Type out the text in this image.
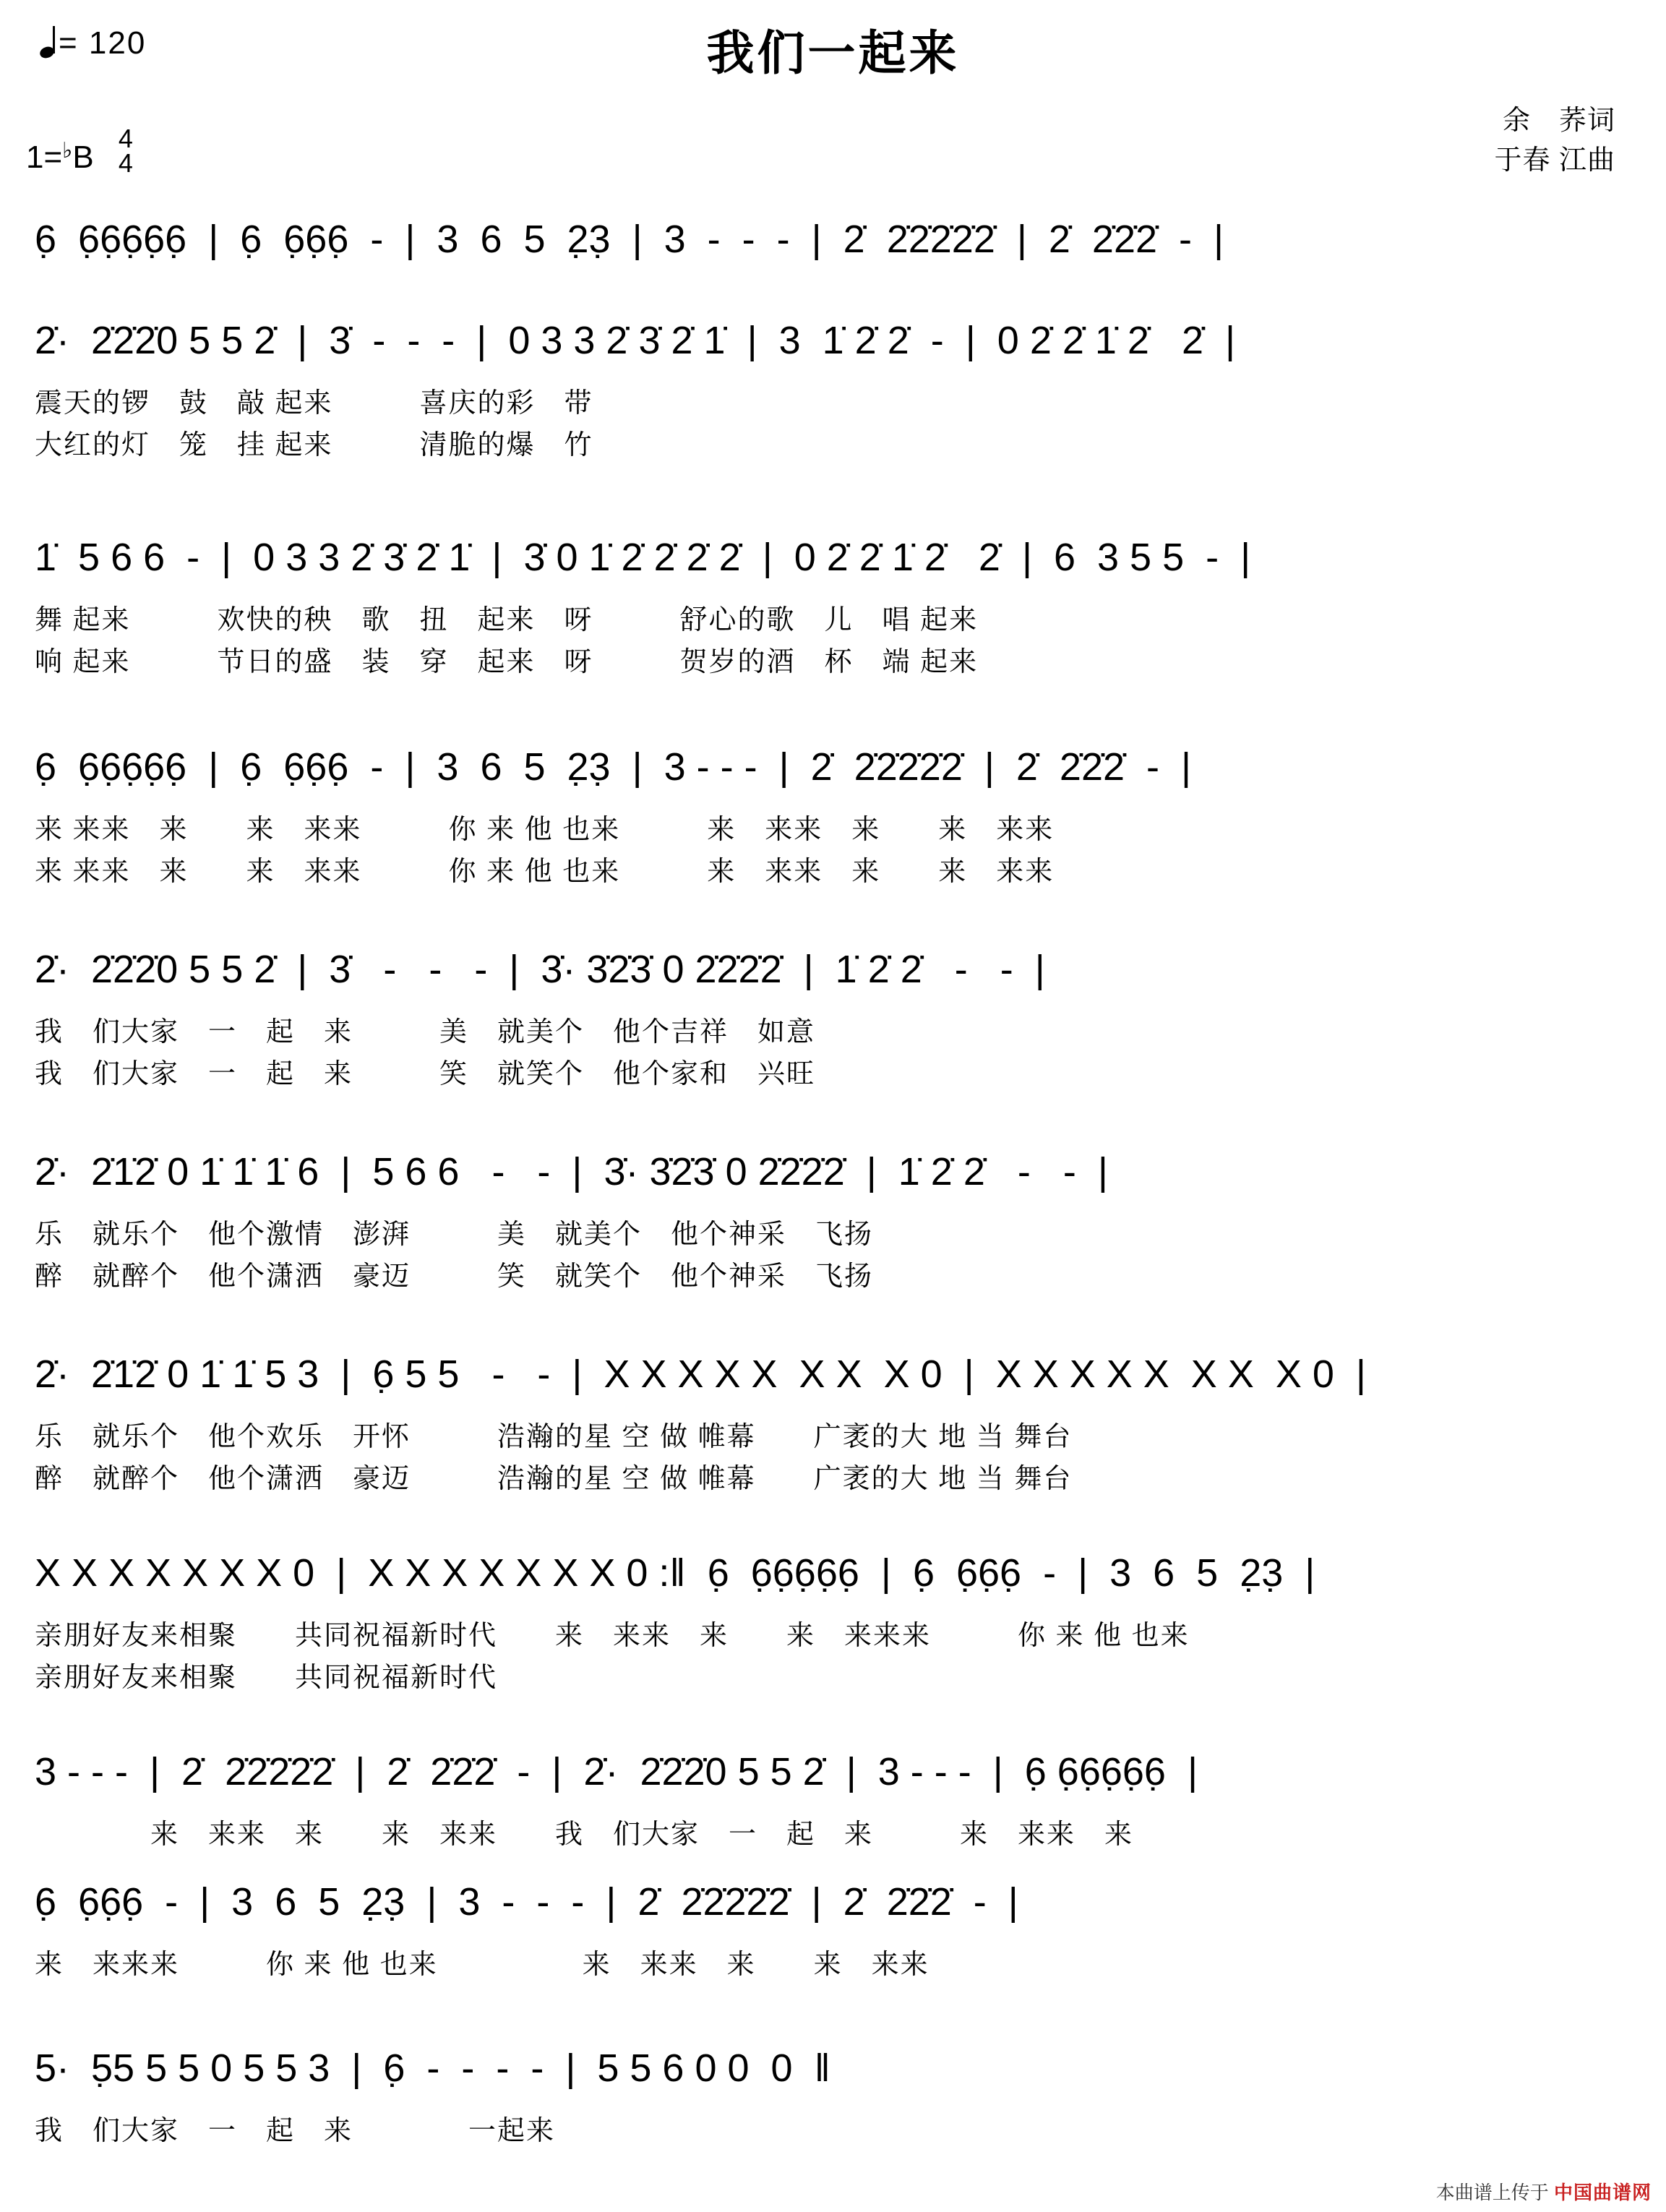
= 120	我们一起来
余　荞词
于春 江曲
1=♭B
4
4
6̣  6̣6̣6̣6̣6̣  |  6̣  6̣6̣6̣  -  |  3  6  5  2̣3̣  |  3  -  -  -  |  2̇  2̇2̇2̇2̇2̇  |  2̇  2̇2̇2̇  -  |
2̇·  2̇2̇2̇0 5 5 2̇  |  3̇  -  -  -  |  0 3 3 2̇ 3̇ 2̇ 1̇  |  3  1̇ 2̇ 2̇  -  |  0 2̇ 2̇ 1̇ 2̇   2̇  |
震天的锣　鼓　敲 起来　　　喜庆的彩　带
大红的灯　笼　挂 起来　　　清脆的爆　竹
1̇  5 6 6  -  |  0 3 3 2̇ 3̇ 2̇ 1̇  |  3̇ 0 1̇ 2̇ 2̇ 2̇ 2̇  |  0 2̇ 2̇ 1̇ 2̇   2̇  |  6  3 5 5  -  |
舞 起来　　　欢快的秧　歌　扭　起来　呀　　　舒心的歌　儿　唱 起来
响 起来　　　节日的盛　装　穿　起来　呀　　　贺岁的酒　杯　端 起来
6̣  6̣6̣6̣6̣6̣  |  6̣  6̣6̣6̣  -  |  3  6  5  2̣3̣  |  3 - - -  |  2̇  2̇2̇2̇2̇2̇  |  2̇  2̇2̇2̇  -  |
来 来来　来　　来　来来　　　你 来 他 也来　　　来　来来　来　　来　来来
来 来来　来　　来　来来　　　你 来 他 也来　　　来　来来　来　　来　来来
2̇·  2̇2̇2̇0 5 5 2̇  |  3̇   -   -   -  |  3̇· 3̇2̇3̇ 0 2̇2̇2̇2̇  |  1̇ 2̇ 2̇   -   -  |
我　们大家　一　起　来　　　美　就美个　他个吉祥　如意
我　们大家　一　起　来　　　笑　就笑个　他个家和　兴旺
2̇·  2̇1̇2̇ 0 1̇ 1̇ 1̇ 6  |  5 6 6   -   -  |  3̇· 3̇2̇3̇ 0 2̇2̇2̇2̇  |  1̇ 2̇ 2̇   -   -  |
乐　就乐个　他个激情　澎湃　　　美　就美个　他个神采　飞扬
醉　就醉个　他个潇洒　豪迈　　　笑　就笑个　他个神采　飞扬
2̇·  2̇1̇2̇ 0 1̇ 1̇ 5 3  |  6̣ 5 5   -   -  |  X X X X X  X X  X 0  |  X X X X X  X X  X 0  |
乐　就乐个　他个欢乐　开怀　　　浩瀚的星 空 做 帷幕　　广袤的大 地 当 舞台
醉　就醉个　他个潇洒　豪迈　　　浩瀚的星 空 做 帷幕　　广袤的大 地 当 舞台
X X X X X X X 0  |  X X X X X X X 0 :‖  6̣  6̣6̣6̣6̣6̣  |  6̣  6̣6̣6̣  -  |  3  6  5  2̣3̣  |
亲朋好友来相聚　　共同祝福新时代　　来　来来　来　　来　来来来　　　你 来 他 也来
亲朋好友来相聚　　共同祝福新时代
3 - - -  |  2̇  2̇2̇2̇2̇2̇  |  2̇  2̇2̇2̇  -  |  2̇·  2̇2̇2̇0 5 5 2̇  |  3 - - -  |  6̣ 6̣6̣6̣6̣6̣  |
　　　　来　来来　来　　来　来来　　我　们大家　一　起　来　　　来　来来　来
6̣  6̣6̣6̣  -  |  3  6  5  2̣3̣  |  3  -  -  -  |  2̇  2̇2̇2̇2̇2̇  |  2̇  2̇2̇2̇  -  |
来　来来来　　　你 来 他 也来　　　　　来　来来　来　　来　来来
5·  5̣5 5 5 0 5 5 3  |  6̣  -  -  -  -  |  5 5 6 0 0  0  ‖
我　们大家　一　起　来　　　　一起来
本曲谱上传于 中国曲谱网
